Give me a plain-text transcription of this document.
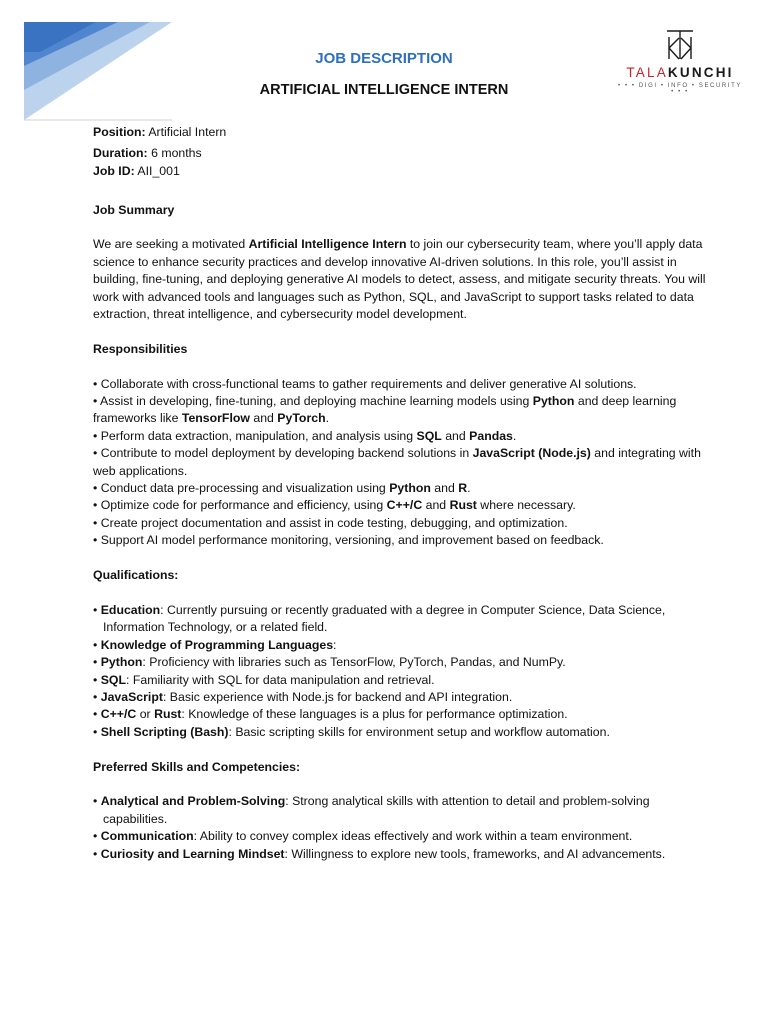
JOB DESCRIPTION
ARTIFICIAL INTELLIGENCE INTERN
TALAKUNCHI
• • • DIGI • INFO • SECURITY • • •

Position: Artificial Intern

Duration: 6 months

Job ID: AII_001

Job Summary

We are seeking a motivated Artificial Intelligence Intern to join our cybersecurity team, where you’ll apply data science to enhance security practices and develop innovative AI-driven solutions. In this role, you’ll assist in building, fine-tuning, and deploying generative AI models to detect, assess, and mitigate security threats. You will work with advanced tools and languages such as Python, SQL, and JavaScript to support tasks related to data extraction, threat intelligence, and cybersecurity model development.

Responsibilities

• Collaborate with cross-functional teams to gather requirements and deliver generative AI solutions.

• Assist in developing, fine-tuning, and deploying machine learning models using Python and deep learning frameworks like TensorFlow and PyTorch.

• Perform data extraction, manipulation, and analysis using SQL and Pandas.

• Contribute to model deployment by developing backend solutions in JavaScript (Node.js) and integrating with web applications.

• Conduct data pre-processing and visualization using Python and R.

• Optimize code for performance and efficiency, using C++/C and Rust where necessary.

• Create project documentation and assist in code testing, debugging, and optimization.

• Support AI model performance monitoring, versioning, and improvement based on feedback.

Qualifications:

• Education: Currently pursuing or recently graduated with a degree in Computer Science, Data Science, Information Technology, or a related field.

• Knowledge of Programming Languages:

• Python: Proficiency with libraries such as TensorFlow, PyTorch, Pandas, and NumPy.

• SQL: Familiarity with SQL for data manipulation and retrieval.

• JavaScript: Basic experience with Node.js for backend and API integration.

• C++/C or Rust: Knowledge of these languages is a plus for performance optimization.

• Shell Scripting (Bash): Basic scripting skills for environment setup and workflow automation.

Preferred Skills and Competencies:

• Analytical and Problem-Solving: Strong analytical skills with attention to detail and problem-solving capabilities.

• Communication: Ability to convey complex ideas effectively and work within a team environment.

• Curiosity and Learning Mindset: Willingness to explore new tools, frameworks, and AI advancements.
